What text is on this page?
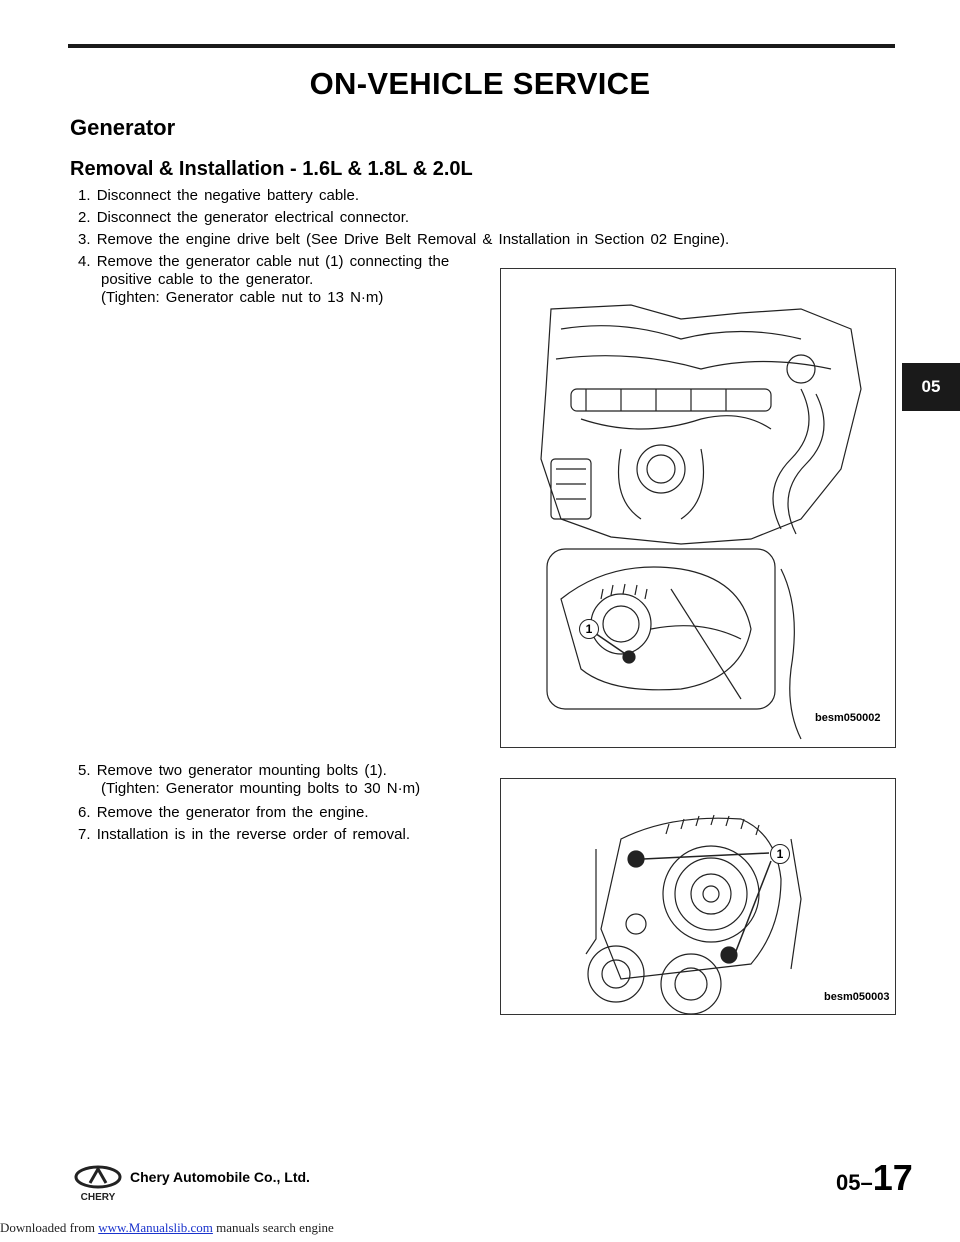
ON-VEHICLE SERVICE
Generator
Removal & Installation - 1.6L & 1.8L & 2.0L
1. Disconnect the negative battery cable.
2. Disconnect the generator electrical connector.
3. Remove the engine drive belt (See Drive Belt Removal & Installation in Section 02 Engine).
4. Remove the generator cable nut (1) connecting the
positive cable to the generator.
(Tighten: Generator cable nut to 13 N·m)
5. Remove two generator mounting bolts (1).
(Tighten: Generator mounting bolts to 30 N·m)
6. Remove the generator from the engine.
7. Installation is in the reverse order of removal.
1
besm050002
1
besm050003
05
CHERY
Chery Automobile Co., Ltd.	05–17
Downloaded from www.Manualslib.com manuals search engine
